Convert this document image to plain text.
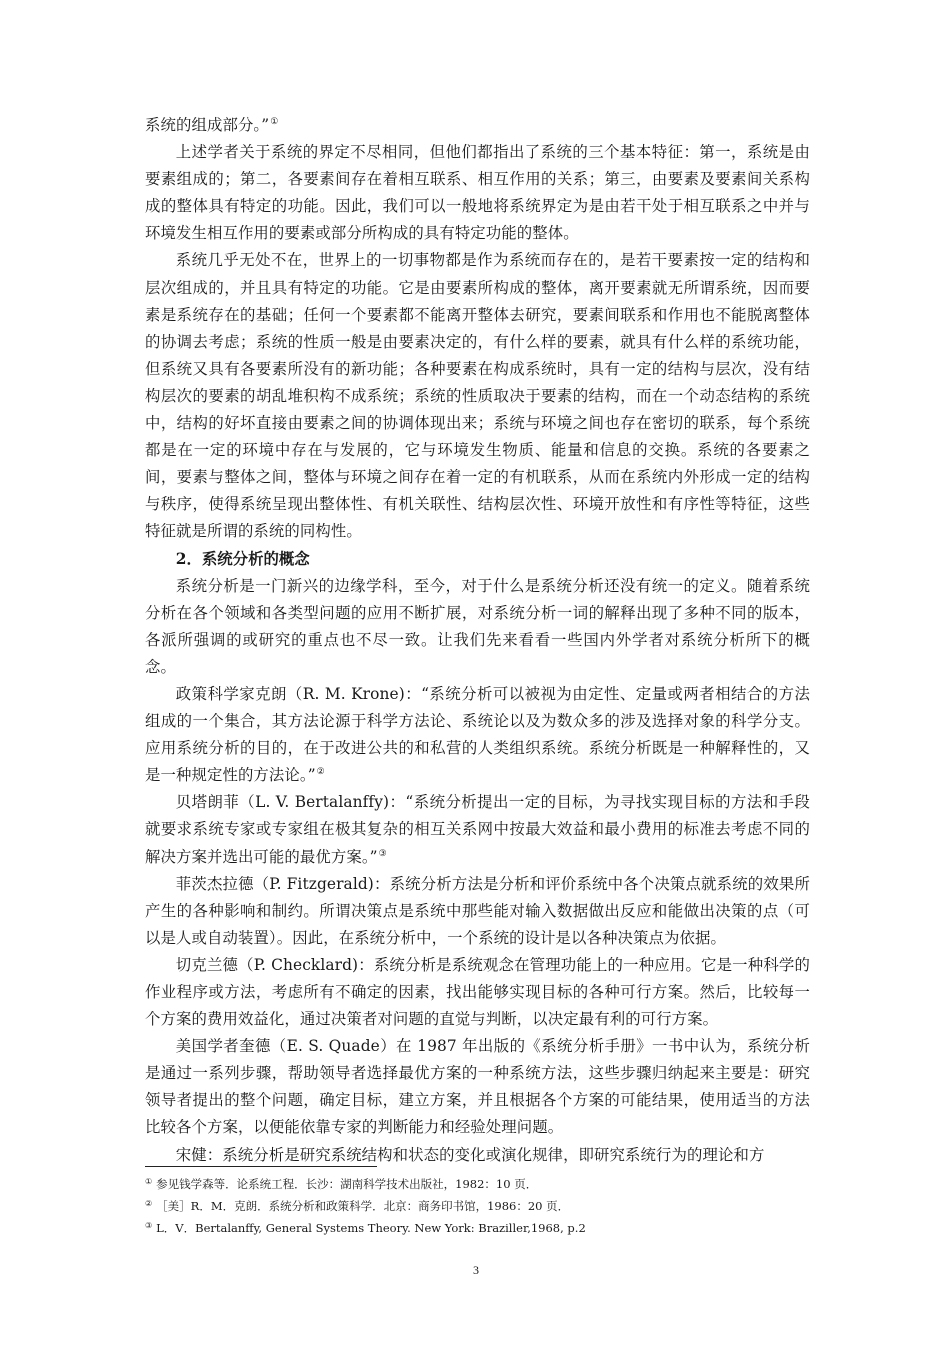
系统的组成部分。”①

上述学者关于系统的界定不尽相同，但他们都指出了系统的三个基本特征：第一，系统是由要素组成的；第二，各要素间存在着相互联系、相互作用的关系；第三，由要素及要素间关系构成的整体具有特定的功能。因此，我们可以一般地将系统界定为是由若干处于相互联系之中并与环境发生相互作用的要素或部分所构成的具有特定功能的整体。

系统几乎无处不在，世界上的一切事物都是作为系统而存在的，是若干要素按一定的结构和层次组成的，并且具有特定的功能。它是由要素所构成的整体，离开要素就无所谓系统，因而要素是系统存在的基础；任何一个要素都不能离开整体去研究，要素间联系和作用也不能脱离整体的协调去考虑；系统的性质一般是由要素决定的，有什么样的要素，就具有什么样的系统功能，但系统又具有各要素所没有的新功能；各种要素在构成系统时，具有一定的结构与层次，没有结构层次的要素的胡乱堆积构不成系统；系统的性质取决于要素的结构，而在一个动态结构的系统中，结构的好坏直接由要素之间的协调体现出来；系统与环境之间也存在密切的联系，每个系统都是在一定的环境中存在与发展的，它与环境发生物质、能量和信息的交换。系统的各要素之间，要素与整体之间，整体与环境之间存在着一定的有机联系，从而在系统内外形成一定的结构与秩序，使得系统呈现出整体性、有机关联性、结构层次性、环境开放性和有序性等特征，这些特征就是所谓的系统的同构性。

2．系统分析的概念

系统分析是一门新兴的边缘学科，至今，对于什么是系统分析还没有统一的定义。随着系统分析在各个领域和各类型问题的应用不断扩展，对系统分析一词的解释出现了多种不同的版本，各派所强调的或研究的重点也不尽一致。让我们先来看看一些国内外学者对系统分析所下的概念。

政策科学家克朗（R. M. Krone)：“系统分析可以被视为由定性、定量或两者相结合的方法组成的一个集合，其方法论源于科学方法论、系统论以及为数众多的涉及选择对象的科学分支。应用系统分析的目的，在于改进公共的和私营的人类组织系统。系统分析既是一种解释性的，又是一种规定性的方法论。”②

贝塔朗菲（L. V. Bertalanffy)：“系统分析提出一定的目标，为寻找实现目标的方法和手段就要求系统专家或专家组在极其复杂的相互关系网中按最大效益和最小费用的标准去考虑不同的解决方案并选出可能的最优方案。”③

菲茨杰拉德（P. Fitzgerald)：系统分析方法是分析和评价系统中各个决策点就系统的效果所产生的各种影响和制约。所谓决策点是系统中那些能对输入数据做出反应和能做出决策的点（可以是人或自动装置）。因此，在系统分析中，一个系统的设计是以各种决策点为依据。

切克兰德（P. Checklard)：系统分析是系统观念在管理功能上的一种应用。它是一种科学的作业程序或方法，考虑所有不确定的因素，找出能够实现目标的各种可行方案。然后，比较每一个方案的费用效益化，通过决策者对问题的直觉与判断，以决定最有利的可行方案。

美国学者奎德（E. S. Quade）在 1987 年出版的《系统分析手册》一书中认为，系统分析是通过一系列步骤，帮助领导者选择最优方案的一种系统方法，这些步骤归纳起来主要是：研究领导者提出的整个问题，确定目标，建立方案，并且根据各个方案的可能结果，使用适当的方法比较各个方案，以便能依靠专家的判断能力和经验处理问题。

宋健：系统分析是研究系统结构和状态的变化或演化规律，即研究系统行为的理论和方

① 参见钱学森等．论系统工程．长沙：湖南科学技术出版社，1982：10 页．

② ［美］R．M．克朗．系统分析和政策科学．北京：商务印书馆，1986：20 页．

③ L．V．Bertalanffy, General Systems Theory. New York: Braziller,1968, p.2

3
